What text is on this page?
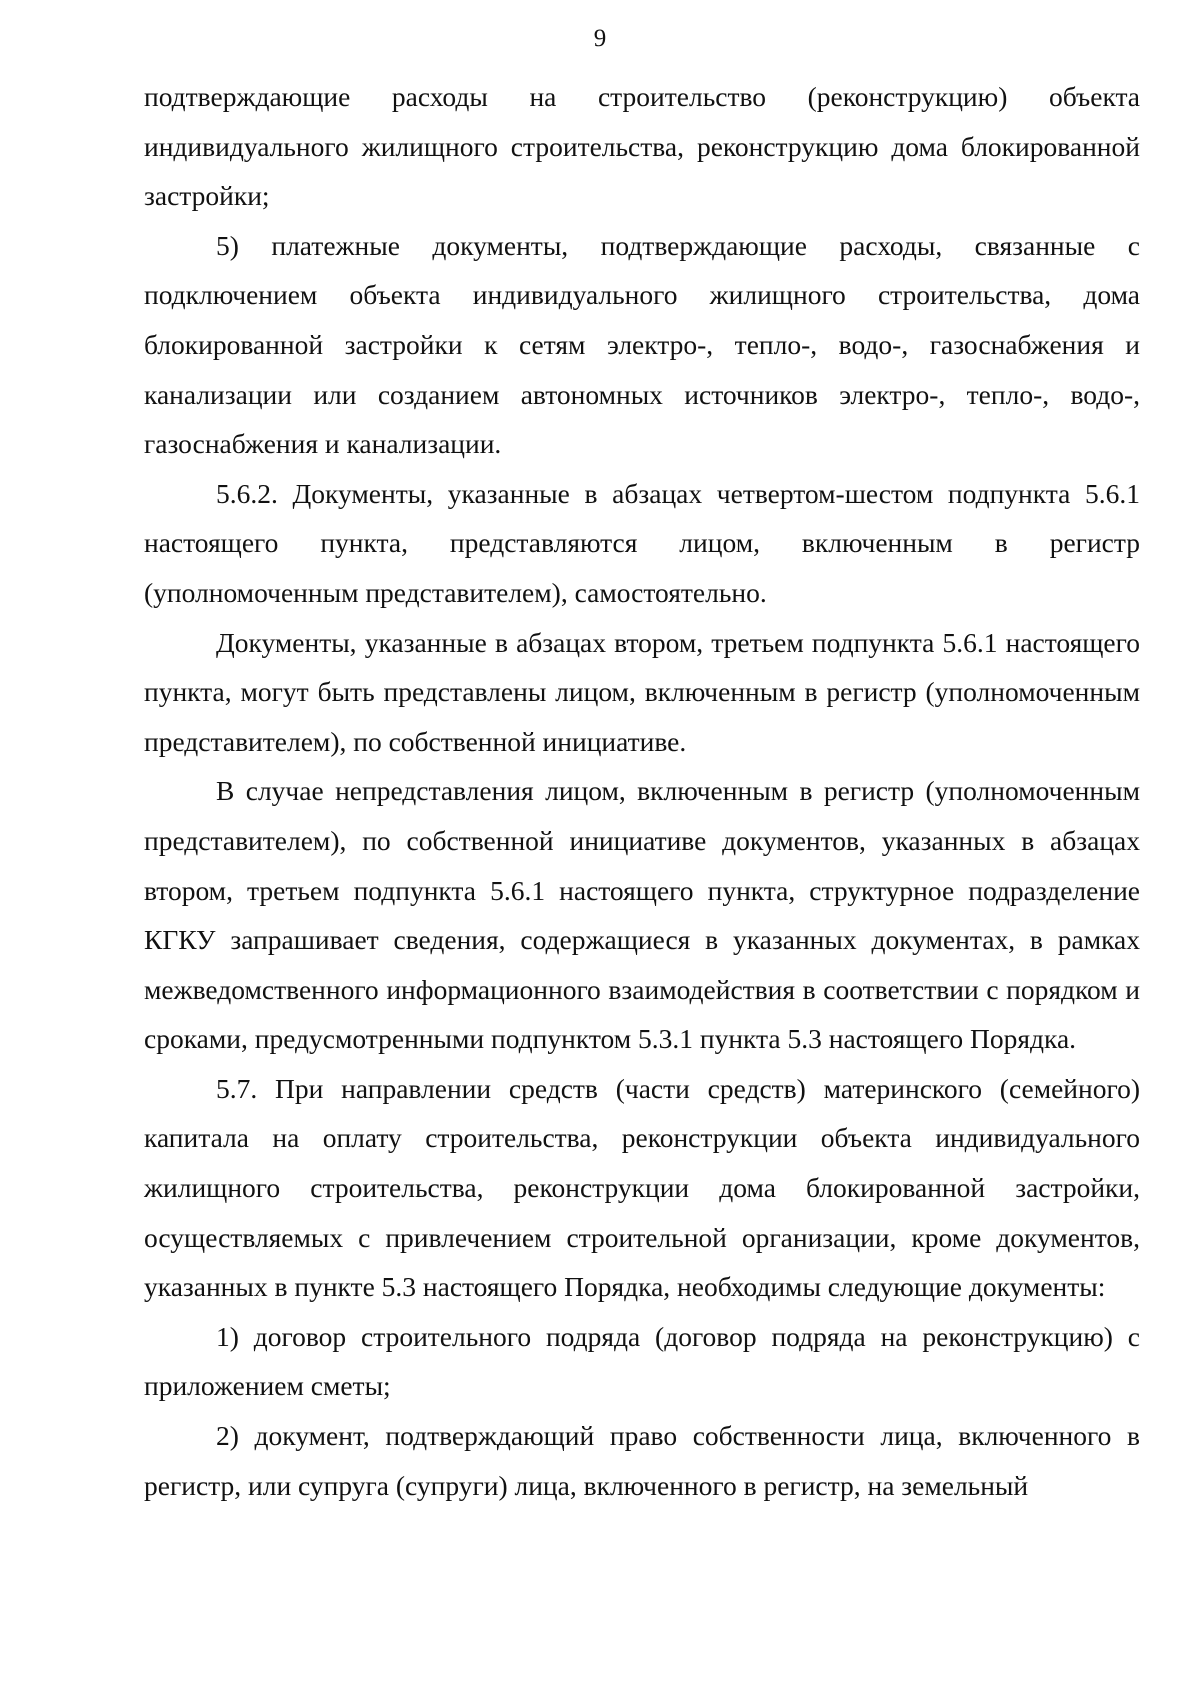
9

подтверждающие расходы на строительство (реконструкцию) объекта индивидуального жилищного строительства, реконструкцию дома блокированной застройки;

5) платежные документы, подтверждающие расходы, связанные с подключением объекта индивидуального жилищного строительства, дома блокированной застройки к сетям электро-, тепло-, водо-, газоснабжения и канализации или созданием автономных источников электро-, тепло-, водо-, газоснабжения и канализации.

5.6.2. Документы, указанные в абзацах четвертом-шестом подпункта 5.6.1 настоящего пункта, представляются лицом, включенным в регистр (уполномоченным представителем), самостоятельно.

Документы, указанные в абзацах втором, третьем подпункта 5.6.1 настоящего пункта, могут быть представлены лицом, включенным в регистр (уполномоченным представителем), по собственной инициативе.

В случае непредставления лицом, включенным в регистр (уполномоченным представителем), по собственной инициативе документов, указанных в абзацах втором, третьем подпункта 5.6.1 настоящего пункта, структурное подразделение КГКУ запрашивает сведения, содержащиеся в указанных документах, в рамках межведомственного информационного взаимодействия в соответствии с порядком и сроками, предусмотренными подпунктом 5.3.1 пункта 5.3 настоящего Порядка.

5.7. При направлении средств (части средств) материнского (семейного) капитала на оплату строительства, реконструкции объекта индивидуального жилищного строительства, реконструкции дома блокированной застройки, осуществляемых с привлечением строительной организации, кроме документов, указанных в пункте 5.3 настоящего Порядка, необходимы следующие документы:

1) договор строительного подряда (договор подряда на реконструкцию) с приложением сметы;

2) документ, подтверждающий право собственности лица, включенного в регистр, или супруга (супруги) лица, включенного в регистр, на земельный
